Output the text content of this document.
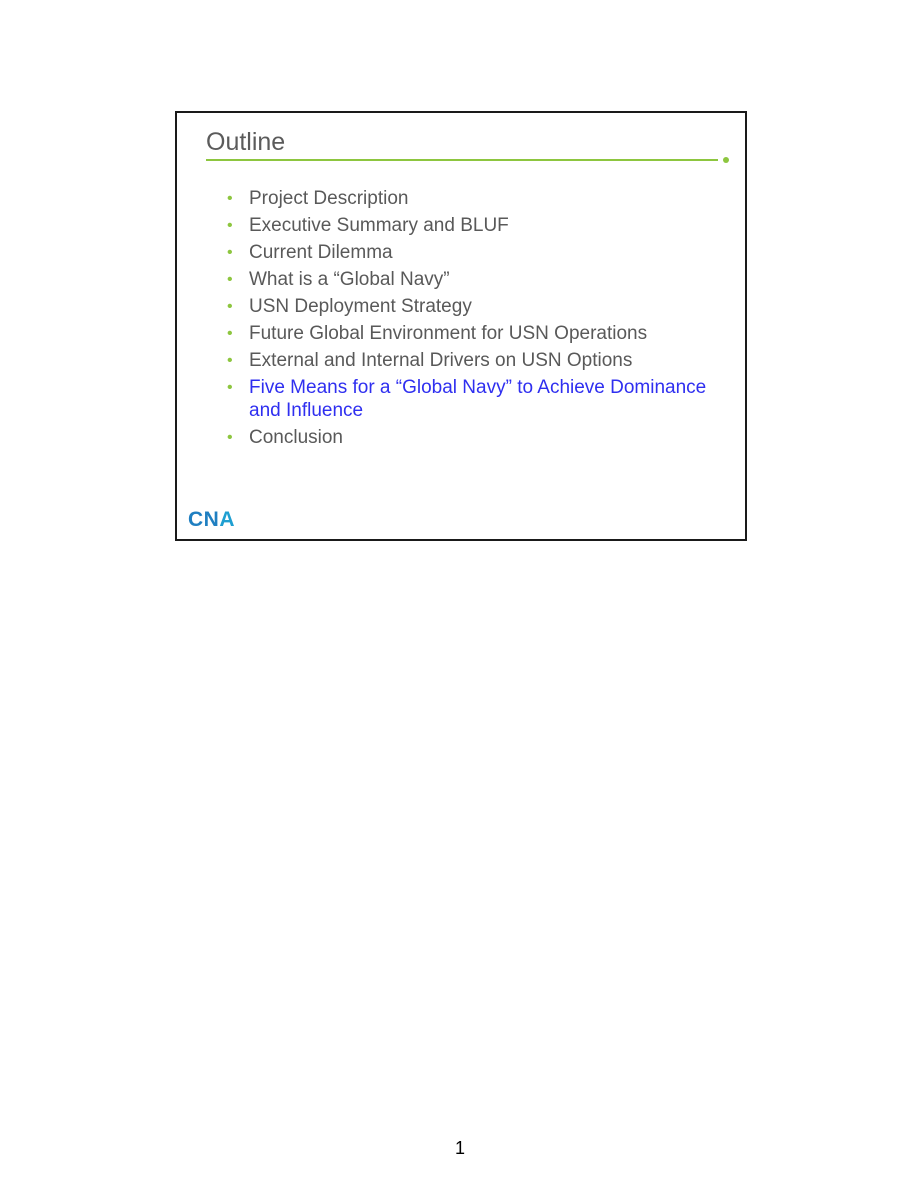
Outline
• Project Description
• Executive Summary and BLUF
• Current Dilemma
• What is a “Global Navy”
• USN Deployment Strategy
• Future Global Environment for USN Operations
• External and Internal Drivers on USN Options
• Five Means for a “Global Navy” to Achieve Dominance and Influence
• Conclusion
CNA
1
